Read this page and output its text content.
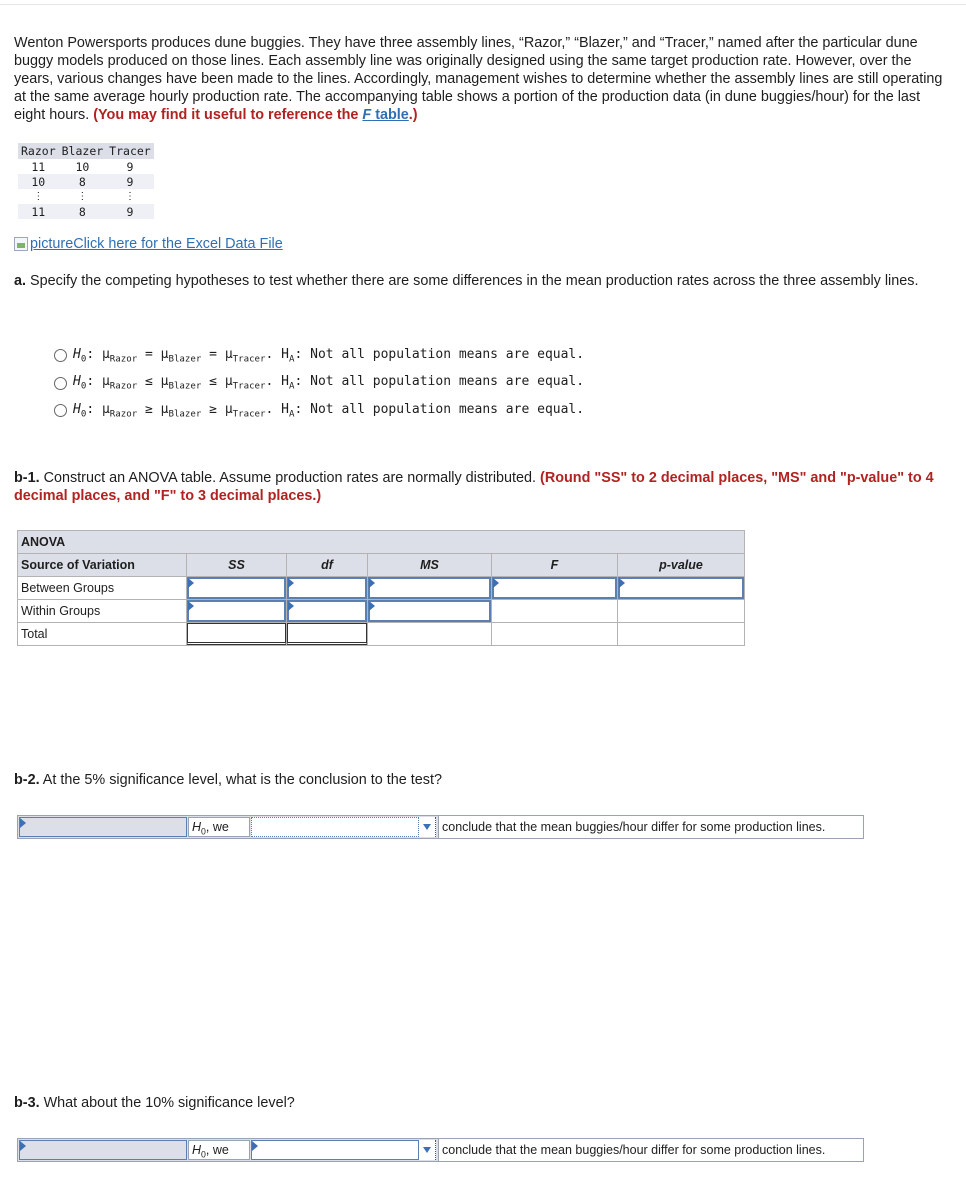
Wenton Powersports produces dune buggies. They have three assembly lines, “Razor,” “Blazer,” and “Tracer,” named after the particular dune buggy models produced on those lines. Each assembly line was originally designed using the same target production rate. However, over the years, various changes have been made to the lines. Accordingly, management wishes to determine whether the assembly lines are still operating at the same average hourly production rate. The accompanying table shows a portion of the production data (in dune buggies/hour) for the last eight hours. (You may find it useful to reference the F table.)
Razor	Blazer	Tracer
11	10	9
10	8	9
⋮	⋮	⋮
11	8	9
picture Click here for the Excel Data File
a. Specify the competing hypotheses to test whether there are some differences in the mean production rates across the three assembly lines.
$H_0$: $\mu_{Razor} = \mu_{Blazer} = \mu_{Tracer}$. $H_A$: Not all population means are equal.
$H_0$: $\mu_{Razor} \le \mu_{Blazer} \le \mu_{Tracer}$. $H_A$: Not all population means are equal.
$H_0$: $\mu_{Razor} \ge \mu_{Blazer} \ge \mu_{Tracer}$. $H_A$: Not all population means are equal.
b-1. Construct an ANOVA table. Assume production rates are normally distributed. (Round "SS" to 2 decimal places, "MS" and "p-value" to 4 decimal places, and "F" to 3 decimal places.)
ANOVA					
Source of Variation	SS	df	MS	F	p-value
Between Groups	

Within Groups	

Total	

b-2. At the 5% significance level, what is the conclusion to the test?
$H_0$, we	conclude that the mean buggies/hour differ for some production lines.
b-3. What about the 10% significance level?
$H_0$, we	conclude that the mean buggies/hour differ for some production lines.
